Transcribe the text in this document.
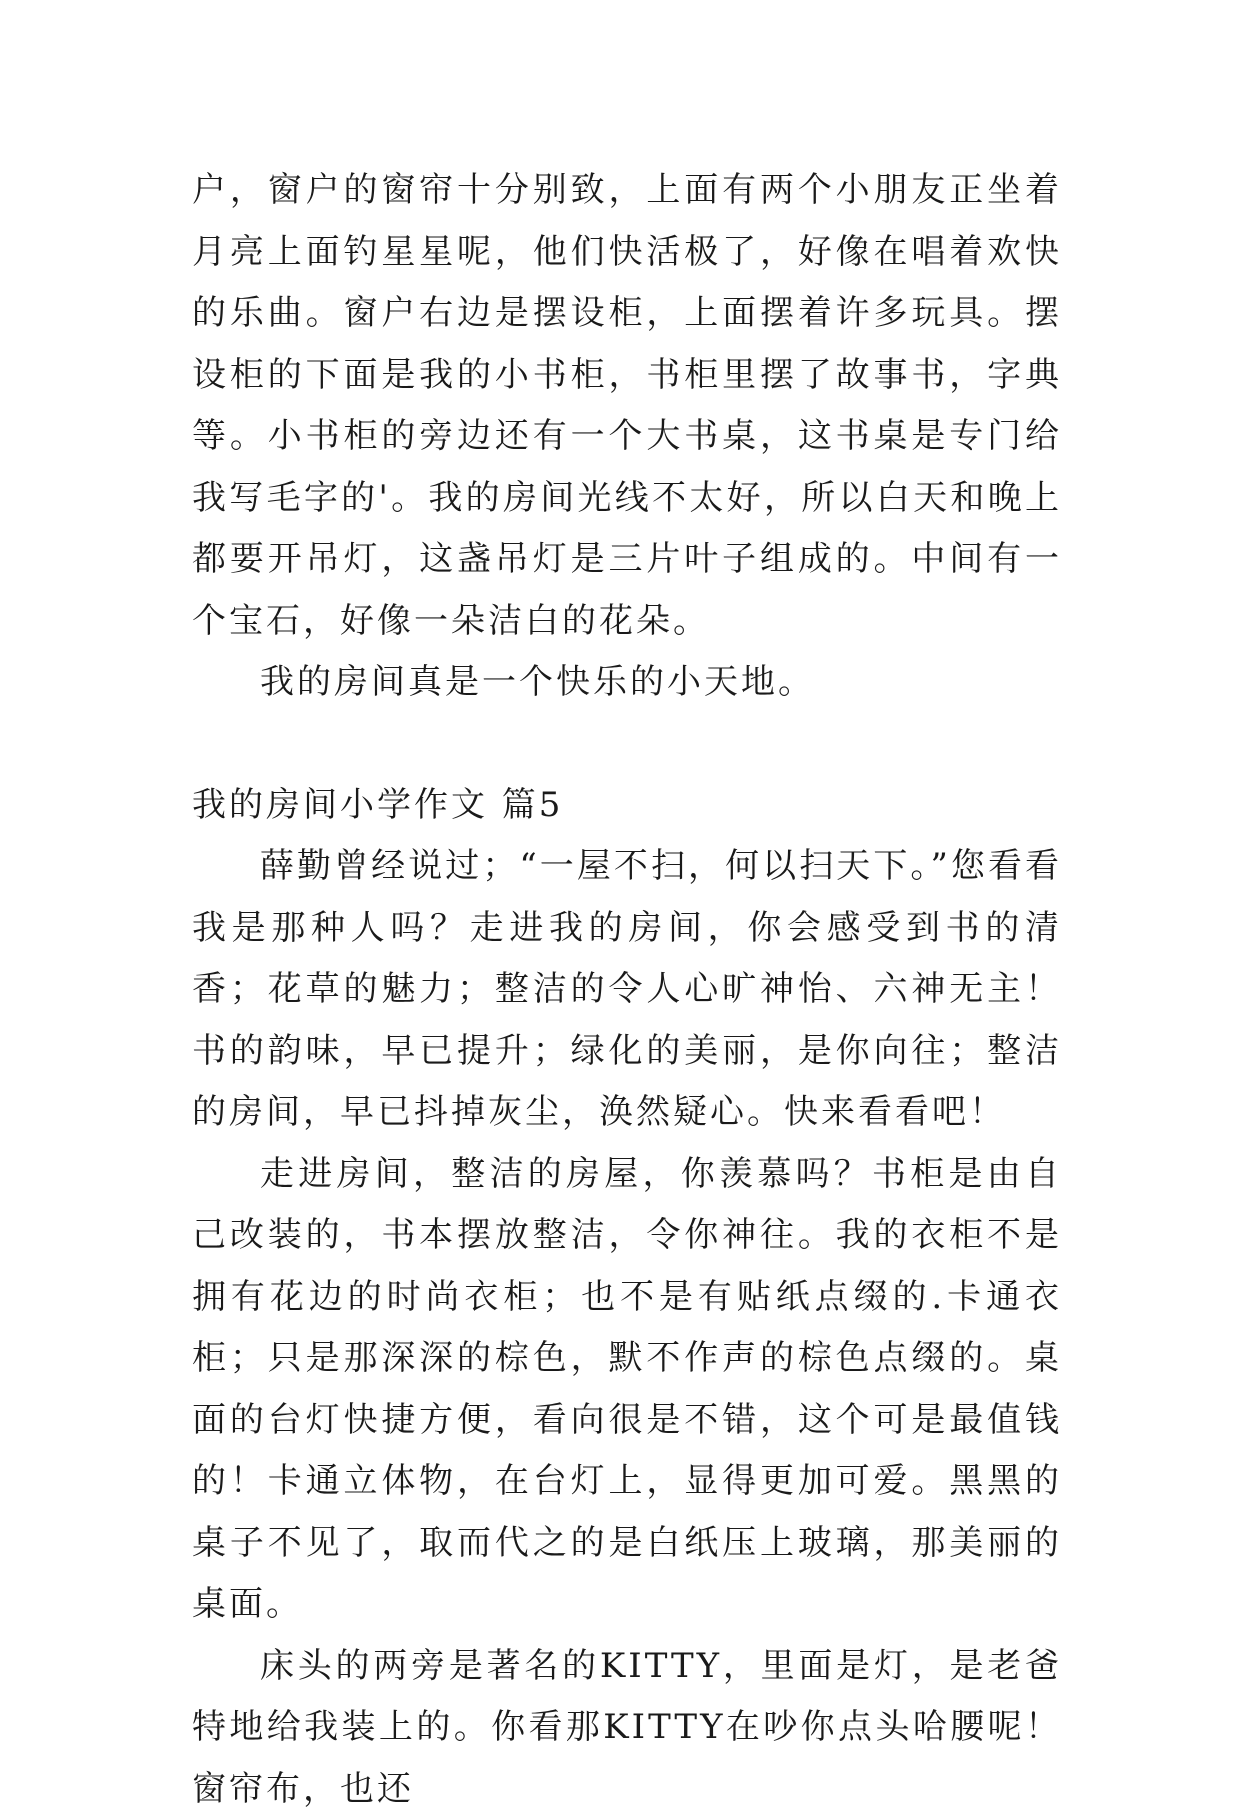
户，窗户的窗帘十分别致，上面有两个小朋友正坐着月亮上面钓星星呢，他们快活极了，好像在唱着欢快的乐曲。窗户右边是摆设柜，上面摆着许多玩具。摆设柜的下面是我的小书柜，书柜里摆了故事书，字典等。小书柜的旁边还有一个大书桌，这书桌是专门给我写毛字的'。我的房间光线不太好，所以白天和晚上都要开吊灯，这盏吊灯是三片叶子组成的。中间有一个宝石，好像一朵洁白的花朵。

我的房间真是一个快乐的小天地。

我的房间小学作文 篇5

薛勤曾经说过；“一屋不扫，何以扫天下。”您看看我是那种人吗？走进我的房间，你会感受到书的清香；花草的魅力；整洁的令人心旷神怡、六神无主！书的韵味，早已提升；绿化的美丽，是你向往；整洁的房间，早已抖掉灰尘，涣然疑心。快来看看吧！

走进房间，整洁的房屋，你羡慕吗？书柜是由自己改装的，书本摆放整洁，令你神往。我的衣柜不是拥有花边的时尚衣柜；也不是有贴纸点缀的.卡通衣柜；只是那深深的棕色，默不作声的棕色点缀的。桌面的台灯快捷方便，看向很是不错，这个可是最值钱的！卡通立体物，在台灯上，显得更加可爱。黑黑的桌子不见了，取而代之的是白纸压上玻璃，那美丽的桌面。

床头的两旁是著名的KITTY，里面是灯，是老爸特地给我装上的。你看那KITTY在吵你点头哈腰呢！窗帘布，也还
